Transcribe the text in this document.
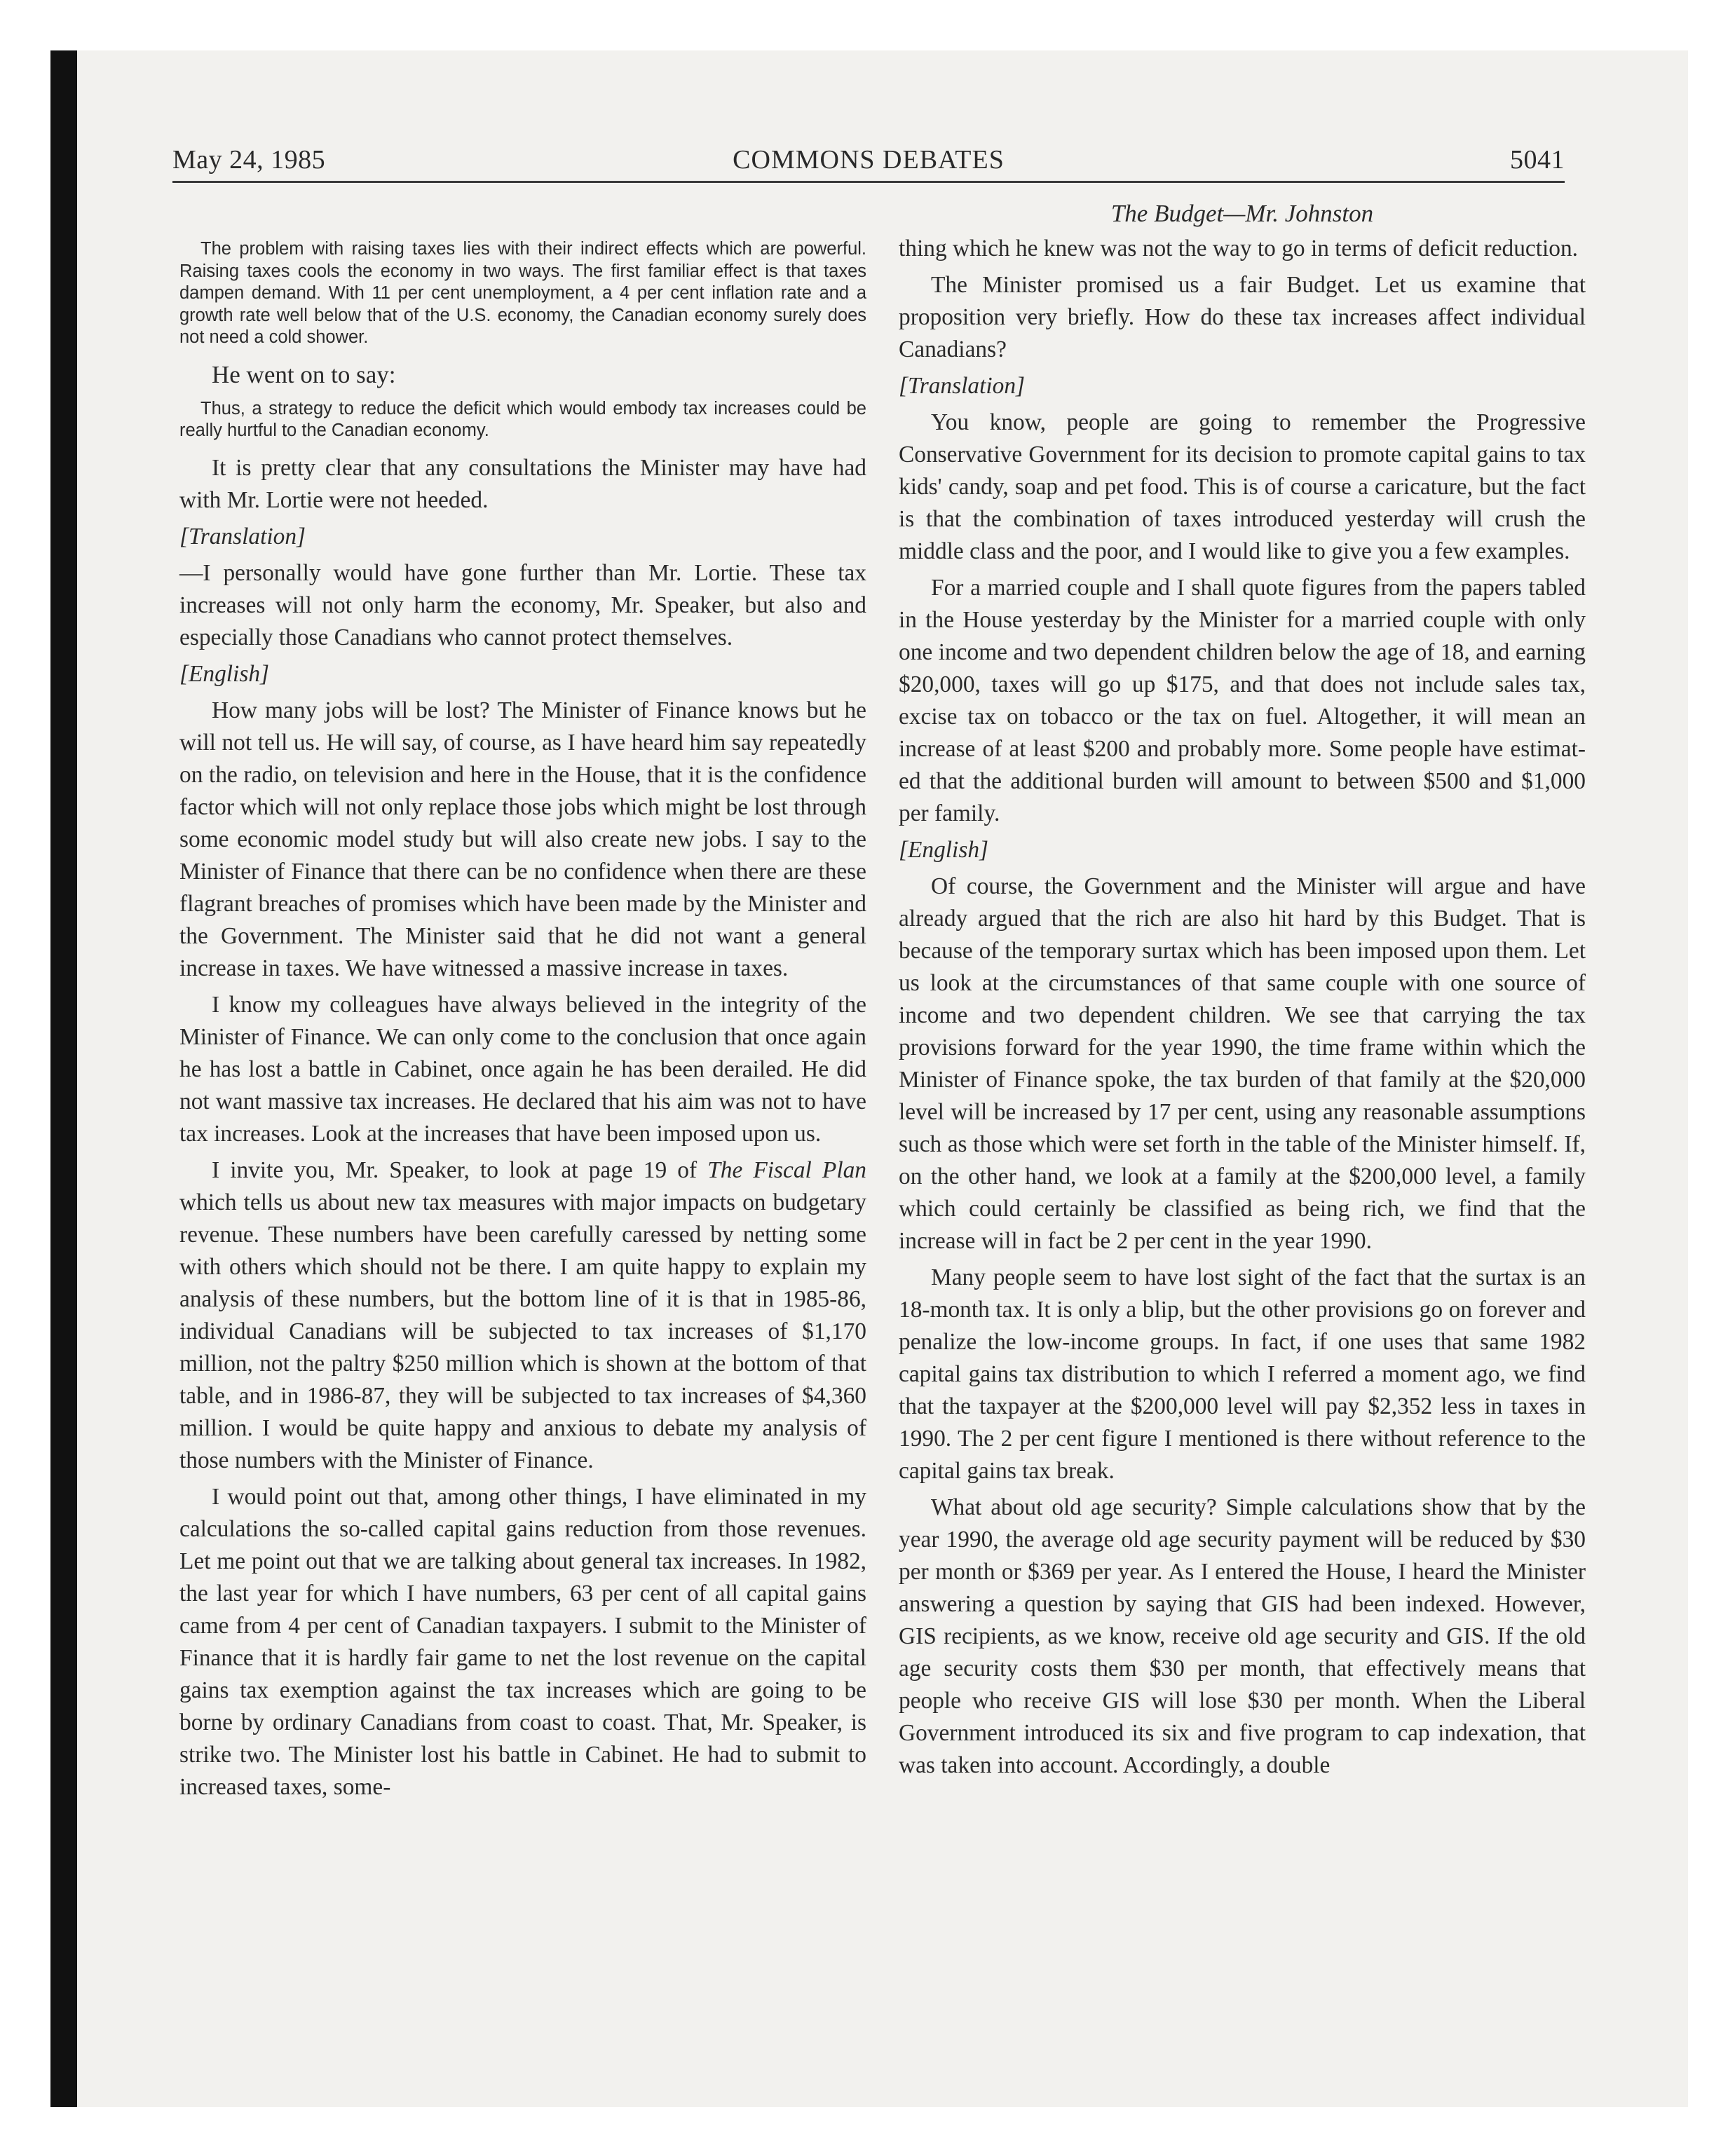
May 24, 1985	COMMONS DEBATES	5041

The problem with raising taxes lies with their indirect effects which are powerful. Raising taxes cools the economy in two ways. The first familiar effect is that taxes dampen demand. With 11 per cent unemployment, a 4 per cent inflation rate and a growth rate well below that of the U.S. economy, the Canadian economy surely does not need a cold shower.

He went on to say:

Thus, a strategy to reduce the deficit which would embody tax increases could be really hurtful to the Canadian economy.

It is pretty clear that any consultations the Minister may have had with Mr. Lortie were not heeded.

[Translation]

—I personally would have gone further than Mr. Lortie. These tax increases will not only harm the economy, Mr. Speaker, but also and especially those Canadians who cannot protect themselves.

[English]

How many jobs will be lost? The Minister of Finance knows but he will not tell us. He will say, of course, as I have heard him say repeatedly on the radio, on television and here in the House, that it is the confidence factor which will not only replace those jobs which might be lost through some economic model study but will also create new jobs. I say to the Minister of Finance that there can be no confidence when there are these flagrant breaches of promises which have been made by the Minister and the Government. The Minister said that he did not want a general increase in taxes. We have witnessed a massive increase in taxes.

I know my colleagues have always believed in the integrity of the Minister of Finance. We can only come to the conclusion that once again he has lost a battle in Cabinet, once again he has been derailed. He did not want massive tax increases. He declared that his aim was not to have tax increases. Look at the increases that have been imposed upon us.

I invite you, Mr. Speaker, to look at page 19 of The Fiscal Plan which tells us about new tax measures with major impacts on budgetary revenue. These numbers have been carefully caressed by netting some with others which should not be there. I am quite happy to explain my analysis of these numbers, but the bottom line of it is that in 1985-86, individual Canadians will be subjected to tax increases of $1,170 million, not the paltry $250 million which is shown at the bottom of that table, and in 1986-87, they will be subjected to tax increases of $4,360 million. I would be quite happy and anxious to debate my analysis of those numbers with the Minister of Finance.

I would point out that, among other things, I have eliminated in my calculations the so-called capital gains reduction from those revenues. Let me point out that we are talking about general tax increases. In 1982, the last year for which I have numbers, 63 per cent of all capital gains came from 4 per cent of Canadian taxpayers. I submit to the Minister of Finance that it is hardly fair game to net the lost revenue on the capital gains tax exemption against the tax increases which are going to be borne by ordinary Canadians from coast to coast. That, Mr. Speaker, is strike two. The Minister lost his battle in Cabinet. He had to submit to increased taxes, some-

The Budget—Mr. Johnston

thing which he knew was not the way to go in terms of deficit reduction.

The Minister promised us a fair Budget. Let us examine that proposition very briefly. How do these tax increases affect individual Canadians?

[Translation]

You know, people are going to remember the Progressive Conservative Government for its decision to promote capital gains to tax kids' candy, soap and pet food. This is of course a caricature, but the fact is that the combination of taxes introduced yesterday will crush the middle class and the poor, and I would like to give you a few examples.

For a married couple and I shall quote figures from the papers tabled in the House yesterday by the Minister for a married couple with only one income and two dependent children below the age of 18, and earning $20,000, taxes will go up $175, and that does not include sales tax, excise tax on tobacco or the tax on fuel. Altogether, it will mean an increase of at least $200 and probably more. Some people have estimated that the additional burden will amount to between $500 and $1,000 per family.

[English]

Of course, the Government and the Minister will argue and have already argued that the rich are also hit hard by this Budget. That is because of the temporary surtax which has been imposed upon them. Let us look at the circumstances of that same couple with one source of income and two dependent children. We see that carrying the tax provisions forward for the year 1990, the time frame within which the Minister of Finance spoke, the tax burden of that family at the $20,000 level will be increased by 17 per cent, using any reasonable assumptions such as those which were set forth in the table of the Minister himself. If, on the other hand, we look at a family at the $200,000 level, a family which could certainly be classified as being rich, we find that the increase will in fact be 2 per cent in the year 1990.

Many people seem to have lost sight of the fact that the surtax is an 18-month tax. It is only a blip, but the other provisions go on forever and penalize the low-income groups. In fact, if one uses that same 1982 capital gains tax distribution to which I referred a moment ago, we find that the taxpayer at the $200,000 level will pay $2,352 less in taxes in 1990. The 2 per cent figure I mentioned is there without reference to the capital gains tax break.

What about old age security? Simple calculations show that by the year 1990, the average old age security payment will be reduced by $30 per month or $369 per year. As I entered the House, I heard the Minister answering a question by saying that GIS had been indexed. However, GIS recipients, as we know, receive old age security and GIS. If the old age security costs them $30 per month, that effectively means that people who receive GIS will lose $30 per month. When the Liberal Government introduced its six and five program to cap indexation, that was taken into account. Accordingly, a double
